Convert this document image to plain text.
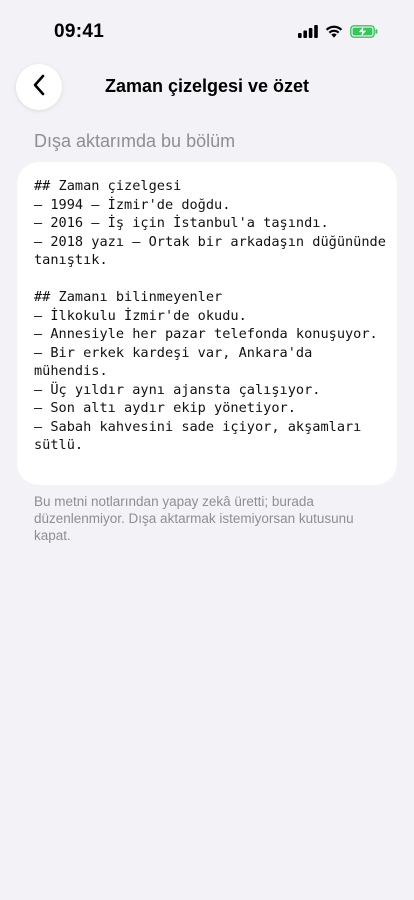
09:41
Zaman çizelgesi ve özet
Dışa aktarımda bu bölüm
## Zaman çizelgesi
– 1994 — İzmir'de doğdu.
– 2016 — İş için İstanbul'a taşındı.
– 2018 yazı — Ortak bir arkadaşın düğününde tanıştık.

## Zamanı bilinmeyenler
– İlkokulu İzmir'de okudu.
– Annesiyle her pazar telefonda konuşuyor.
– Bir erkek kardeşi var, Ankara'da mühendis.
– Üç yıldır aynı ajansta çalışıyor.
– Son altı aydır ekip yönetiyor.
– Sabah kahvesini sade içiyor, akşamları sütlü.
Bu metni notlarından yapay zekâ üretti; burada düzenlenmiyor. Dışa aktarmak istemiyorsan kutusunu kapat.
